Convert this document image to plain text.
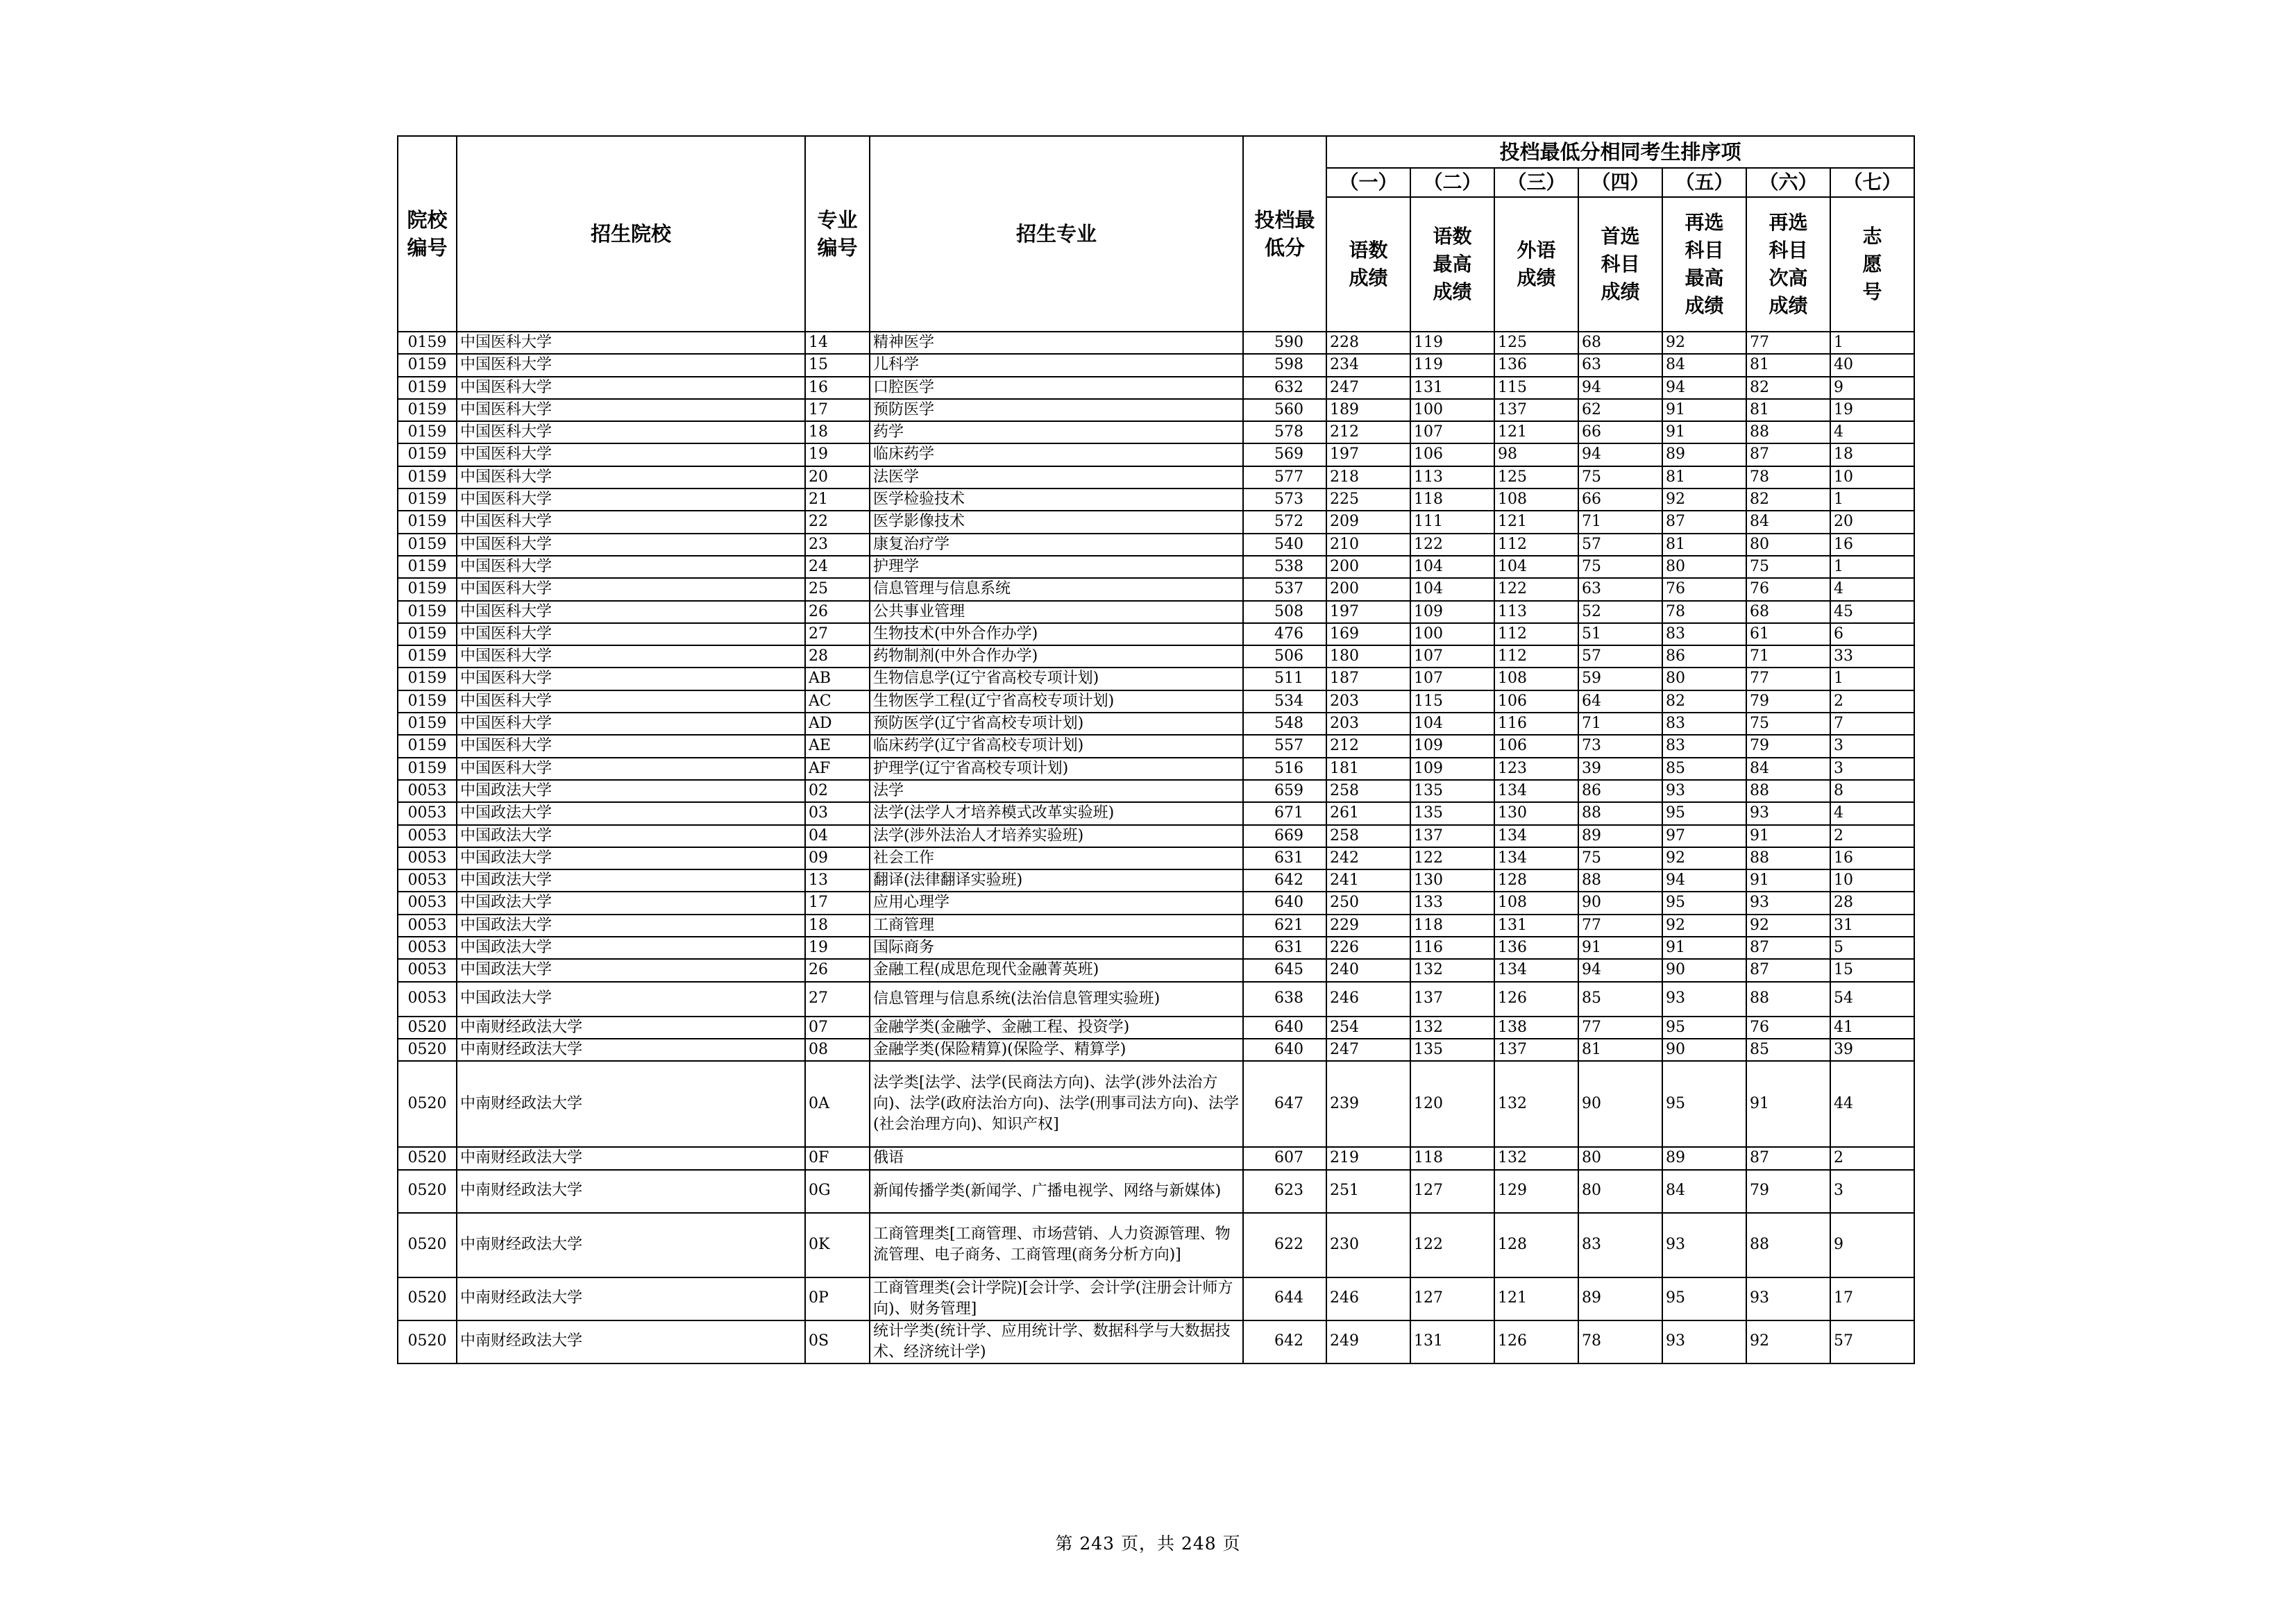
院校编号	招生院校	专业编号	招生专业	投档最低分	投档最低分相同考生排序项						
					（一）	（二）	（三）	（四）	（五）	（六）	（七）
					语数成绩	语数最高成绩	外语成绩	首选科目成绩	再选科目最高成绩	再选科目次高成绩	志愿号
0159	中国医科大学	14	精神医学	590	228	119	125	68	92	77	1
0159	中国医科大学	15	儿科学	598	234	119	136	63	84	81	40
0159	中国医科大学	16	口腔医学	632	247	131	115	94	94	82	9
0159	中国医科大学	17	预防医学	560	189	100	137	62	91	81	19
0159	中国医科大学	18	药学	578	212	107	121	66	91	88	4
0159	中国医科大学	19	临床药学	569	197	106	98	94	89	87	18
0159	中国医科大学	20	法医学	577	218	113	125	75	81	78	10
0159	中国医科大学	21	医学检验技术	573	225	118	108	66	92	82	1
0159	中国医科大学	22	医学影像技术	572	209	111	121	71	87	84	20
0159	中国医科大学	23	康复治疗学	540	210	122	112	57	81	80	16
0159	中国医科大学	24	护理学	538	200	104	104	75	80	75	1
0159	中国医科大学	25	信息管理与信息系统	537	200	104	122	63	76	76	4
0159	中国医科大学	26	公共事业管理	508	197	109	113	52	78	68	45
0159	中国医科大学	27	生物技术(中外合作办学)	476	169	100	112	51	83	61	6
0159	中国医科大学	28	药物制剂(中外合作办学)	506	180	107	112	57	86	71	33
0159	中国医科大学	AB	生物信息学(辽宁省高校专项计划)	511	187	107	108	59	80	77	1
0159	中国医科大学	AC	生物医学工程(辽宁省高校专项计划)	534	203	115	106	64	82	79	2
0159	中国医科大学	AD	预防医学(辽宁省高校专项计划)	548	203	104	116	71	83	75	7
0159	中国医科大学	AE	临床药学(辽宁省高校专项计划)	557	212	109	106	73	83	79	3
0159	中国医科大学	AF	护理学(辽宁省高校专项计划)	516	181	109	123	39	85	84	3
0053	中国政法大学	02	法学	659	258	135	134	86	93	88	8
0053	中国政法大学	03	法学(法学人才培养模式改革实验班)	671	261	135	130	88	95	93	4
0053	中国政法大学	04	法学(涉外法治人才培养实验班)	669	258	137	134	89	97	91	2
0053	中国政法大学	09	社会工作	631	242	122	134	75	92	88	16
0053	中国政法大学	13	翻译(法律翻译实验班)	642	241	130	128	88	94	91	10
0053	中国政法大学	17	应用心理学	640	250	133	108	90	95	93	28
0053	中国政法大学	18	工商管理	621	229	118	131	77	92	92	31
0053	中国政法大学	19	国际商务	631	226	116	136	91	91	87	5
0053	中国政法大学	26	金融工程(成思危现代金融菁英班)	645	240	132	134	94	90	87	15
0053	中国政法大学	27	信息管理与信息系统(法治信息管理实验班)	638	246	137	126	85	93	88	54
0520	中南财经政法大学	07	金融学类(金融学、金融工程、投资学)	640	254	132	138	77	95	76	41
0520	中南财经政法大学	08	金融学类(保险精算)(保险学、精算学)	640	247	135	137	81	90	85	39
0520	中南财经政法大学	0A	法学类[法学、法学(民商法方向)、法学(涉外法治方向)、法学(政府法治方向)、法学(刑事司法方向)、法学(社会治理方向)、知识产权]	647	239	120	132	90	95	91	44
0520	中南财经政法大学	0F	俄语	607	219	118	132	80	89	87	2
0520	中南财经政法大学	0G	新闻传播学类(新闻学、广播电视学、网络与新媒体)	623	251	127	129	80	84	79	3
0520	中南财经政法大学	0K	工商管理类[工商管理、市场营销、人力资源管理、物流管理、电子商务、工商管理(商务分析方向)]	622	230	122	128	83	93	88	9
0520	中南财经政法大学	0P	工商管理类(会计学院)[会计学、会计学(注册会计师方向)、财务管理]	644	246	127	121	89	95	93	17
0520	中南财经政法大学	0S	统计学类(统计学、应用统计学、数据科学与大数据技术、经济统计学)	642	249	131	126	78	93	92	57
第 243 页，共 248 页
